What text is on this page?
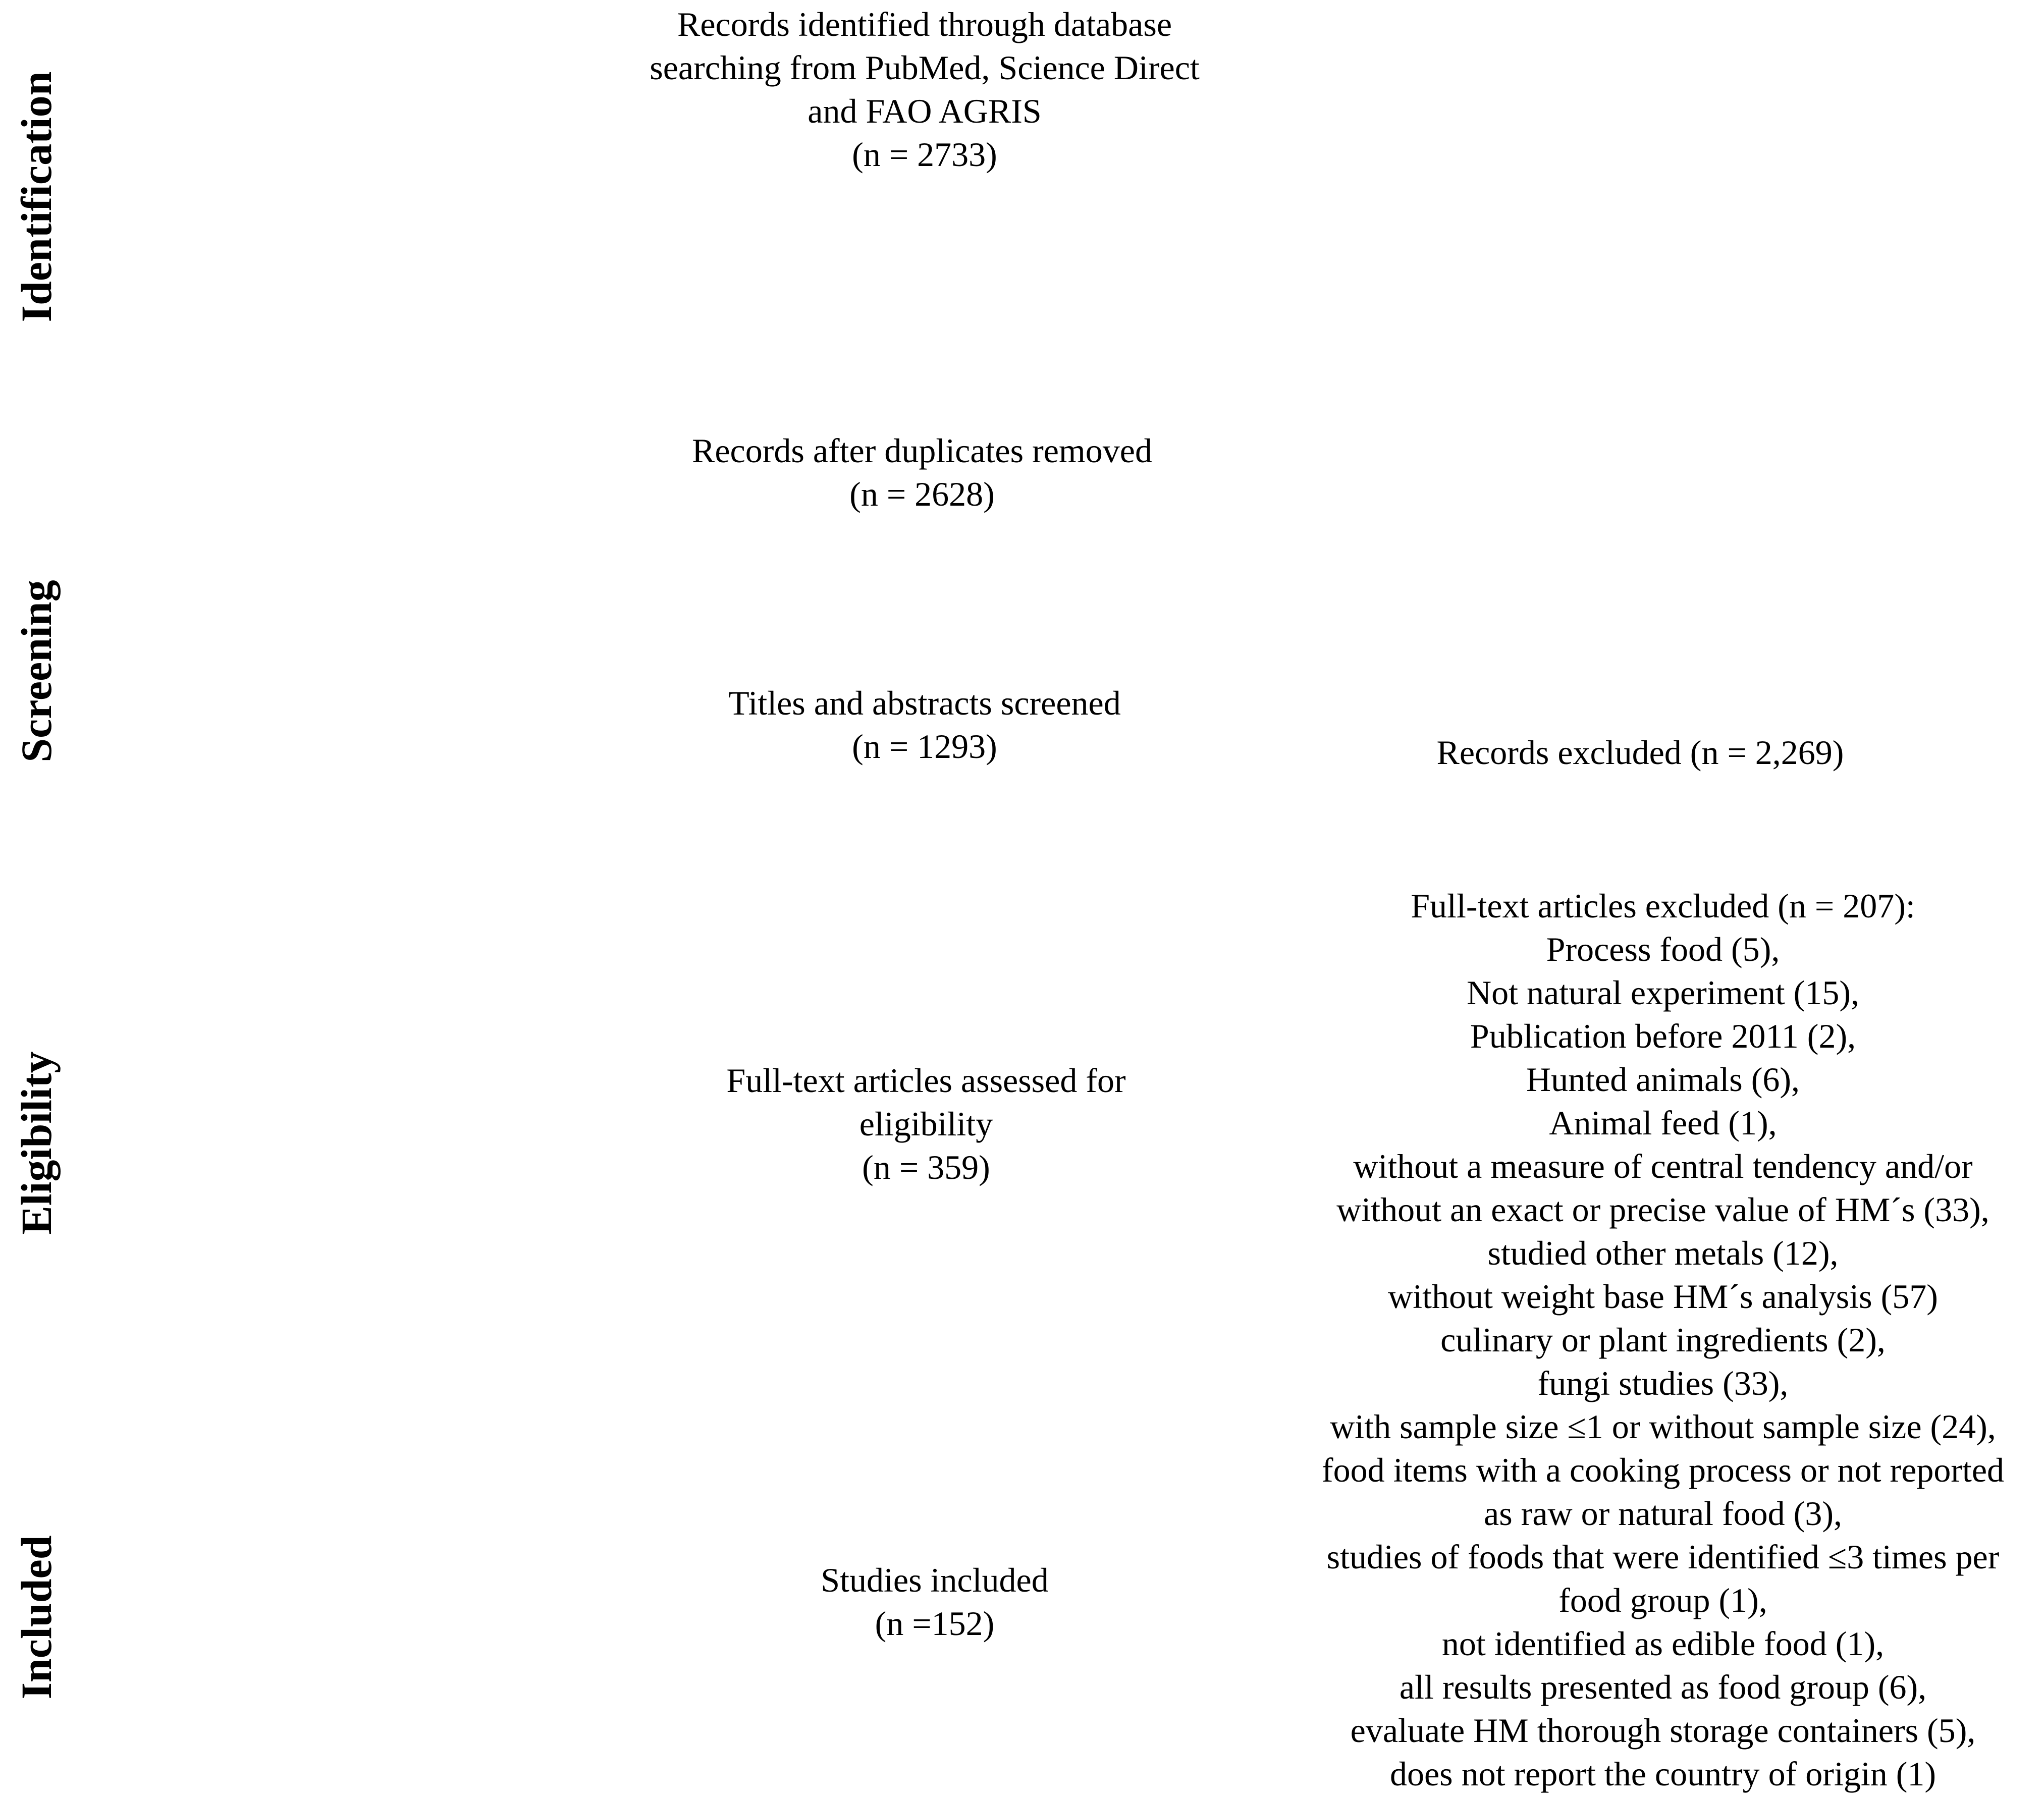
Identification
Screening
Eligibility
Included
Records identified through database
searching from PubMed, Science Direct
and FAO AGRIS
(n = 2733)
Records after duplicates removed
(n = 2628)
Titles and abstracts screened
(n = 1293)	Records excluded (n = 2,269)
Full-text articles assessed for
eligibility
(n = 359)
Studies included
(n =152)
Full-text articles excluded (n = 207):
Process food (5),
Not natural experiment (15),
Publication before 2011 (2),
Hunted animals (6),
Animal feed (1),
without a measure of central tendency and/or
without an exact or precise value of HM´s (33),
studied other metals (12),
without weight base HM´s analysis (57)
culinary or plant ingredients (2),
fungi studies (33),
with sample size ≤1 or without sample size (24),
food items with a cooking process or not reported
as raw or natural food (3),
studies of foods that were identified ≤3 times per
food group (1),
not identified as edible food (1),
all results presented as food group (6),
evaluate HM thorough storage containers (5),
does not report the country of origin (1)
